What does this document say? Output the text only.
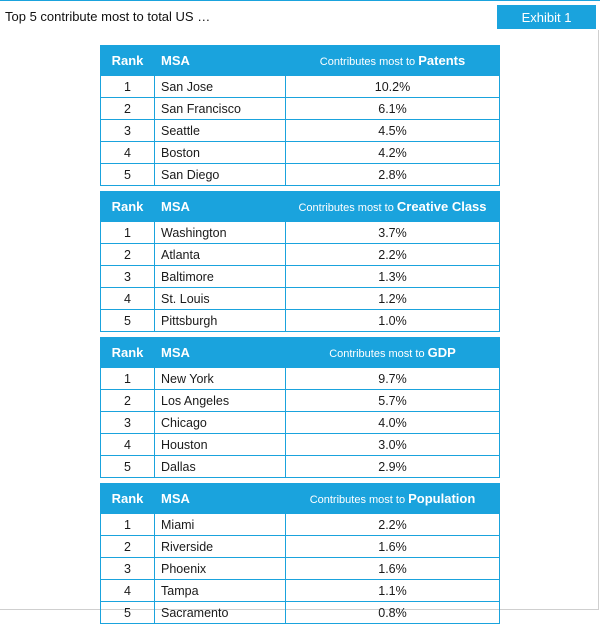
Top 5 contribute most to total US …	Exhibit 1
Rank	MSA	Contributes most to Patents
1	San Jose	10.2%
2	San Francisco	6.1%
3	Seattle	4.5%
4	Boston	4.2%
5	San Diego	2.8%
Rank	MSA	Contributes most to Creative Class
1	Washington	3.7%
2	Atlanta	2.2%
3	Baltimore	1.3%
4	St. Louis	1.2%
5	Pittsburgh	1.0%
Rank	MSA	Contributes most to GDP
1	New York	9.7%
2	Los Angeles	5.7%
3	Chicago	4.0%
4	Houston	3.0%
5	Dallas	2.9%
Rank	MSA	Contributes most to Population
1	Miami	2.2%
2	Riverside	1.6%
3	Phoenix	1.6%
4	Tampa	1.1%
5	Sacramento	0.8%
